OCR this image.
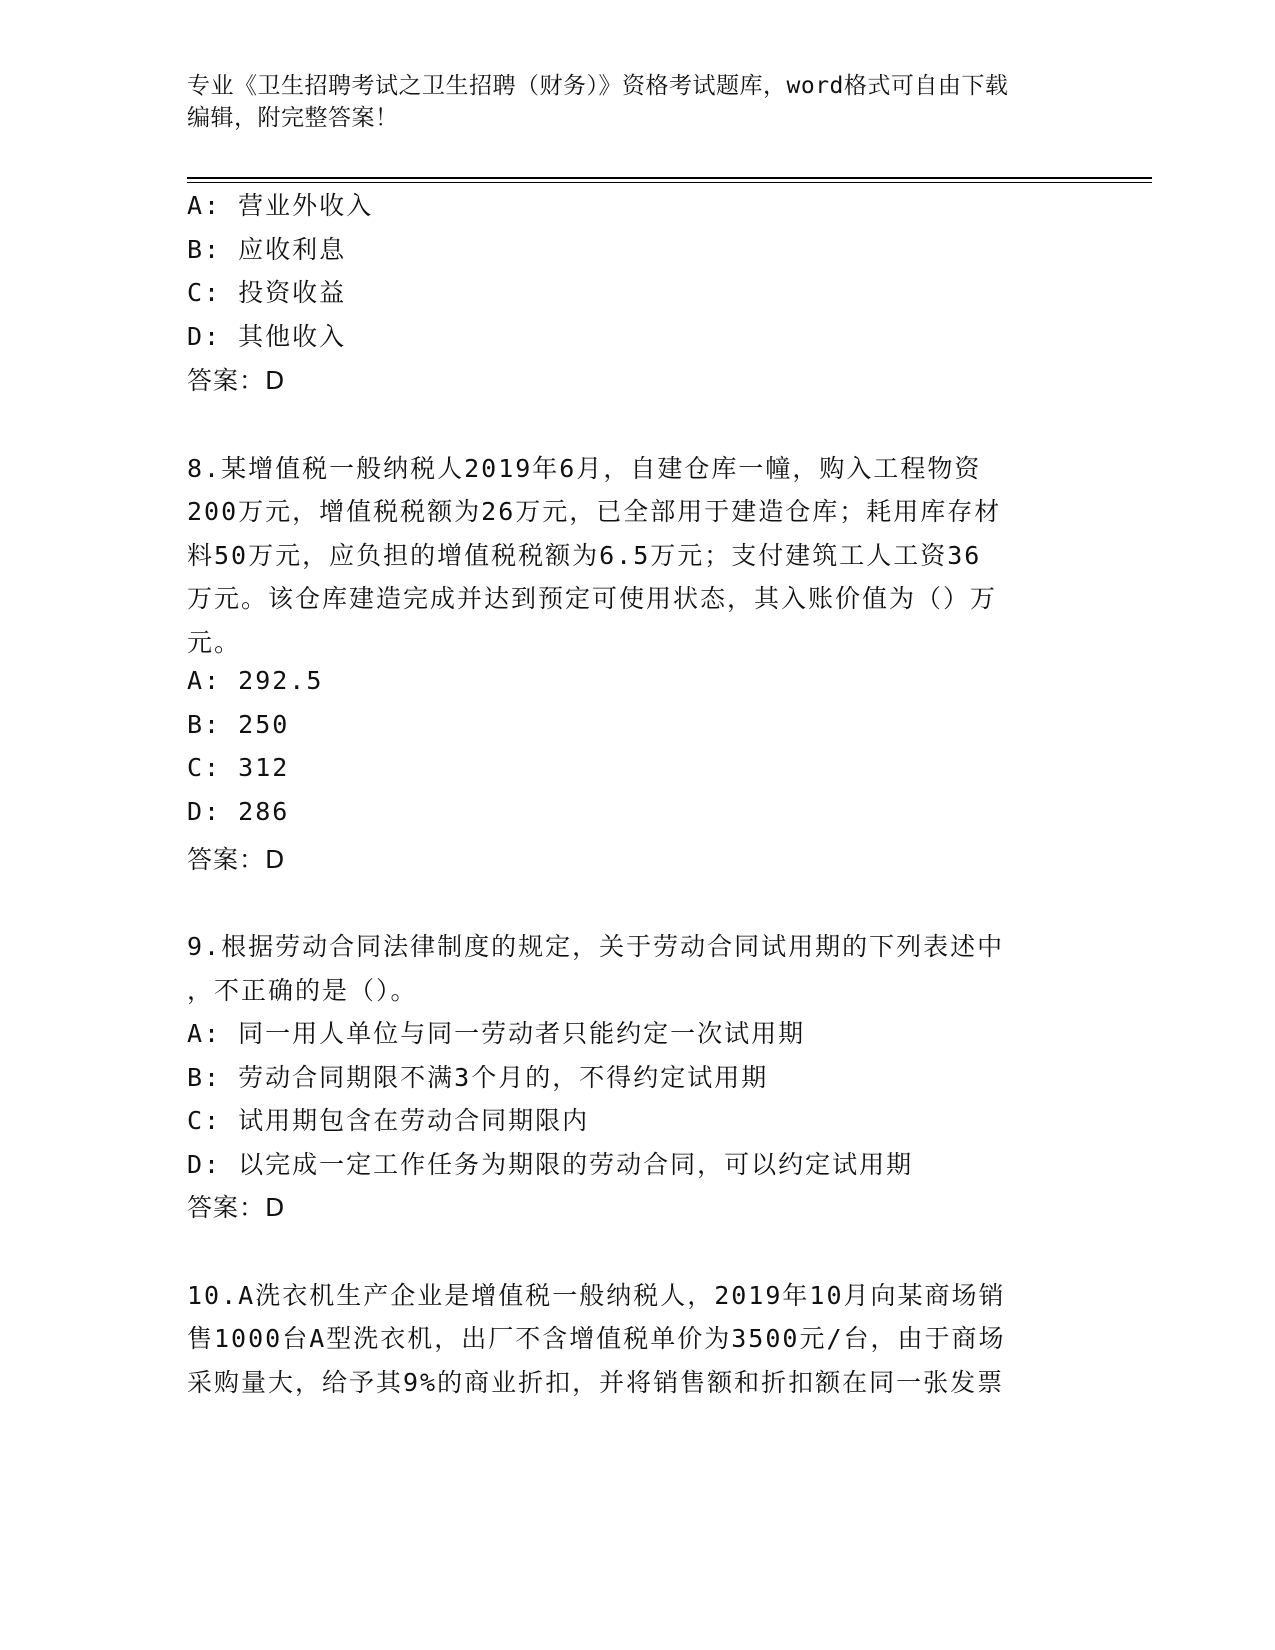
专业《卫生招聘考试之卫生招聘（财务）》资格考试题库，word格式可自由下载
编辑，附完整答案！
A: 营业外收入
B: 应收利息
C: 投资收益
D: 其他收入
答案：D
8.某增值税一般纳税人2019年6月，自建仓库一幢，购入工程物资
200万元，增值税税额为26万元，已全部用于建造仓库；耗用库存材
料50万元，应负担的增值税税额为6.5万元；支付建筑工人工资36
万元。该仓库建造完成并达到预定可使用状态，其入账价值为（）万
元。
A: 292.5
B: 250
C: 312
D: 286
答案：D
9.根据劳动合同法律制度的规定，关于劳动合同试用期的下列表述中
，不正确的是（）。
A: 同一用人单位与同一劳动者只能约定一次试用期
B: 劳动合同期限不满3个月的，不得约定试用期
C: 试用期包含在劳动合同期限内
D: 以完成一定工作任务为期限的劳动合同，可以约定试用期
答案：D
10.A洗衣机生产企业是增值税一般纳税人，2019年10月向某商场销
售1000台A型洗衣机，出厂不含增值税单价为3500元/台，由于商场
采购量大，给予其9%的商业折扣，并将销售额和折扣额在同一张发票
